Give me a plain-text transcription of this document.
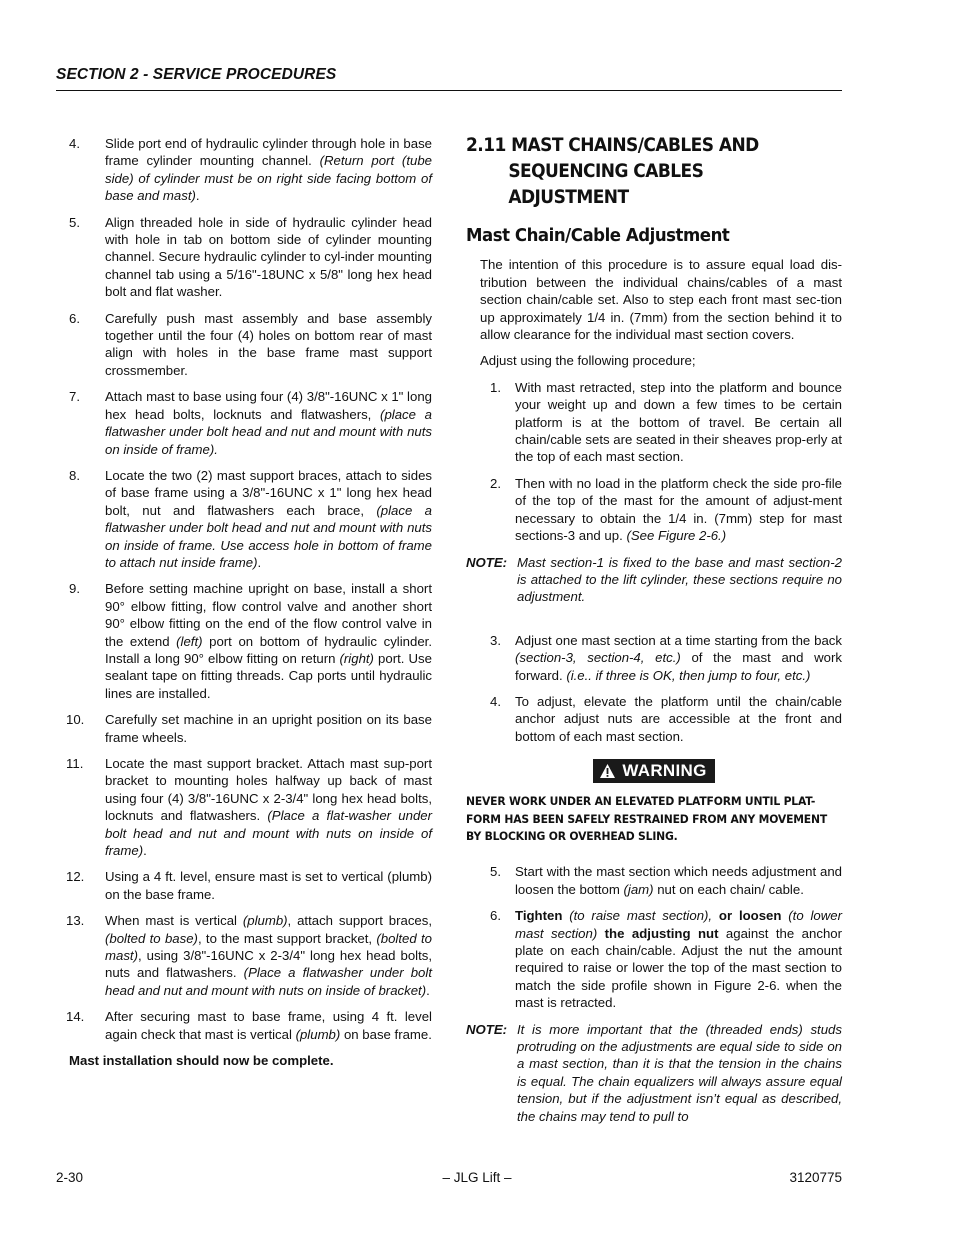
SECTION 2 - SERVICE PROCEDURES
4.	Slide port end of hydraulic cylinder through hole in base frame cylinder mounting channel. (Return port (tube side) of cylinder must be on right side facing bottom of base and mast).
5.	Align threaded hole in side of hydraulic cylinder head with hole in tab on bottom side of cylinder mounting channel. Secure hydraulic cylinder to cyl-inder mounting channel tab using a 5/16"-18UNC x 5/8" long hex head bolt and flat washer.
6.	Carefully push mast assembly and base assembly together until the four (4) holes on bottom rear of mast align with holes in the base frame mast support crossmember.
7.	Attach mast to base using four (4) 3/8"-16UNC x 1" long hex head bolts, locknuts and flatwashers, (place a flatwasher under bolt head and nut and mount with nuts on inside of frame).
8.	Locate the two (2) mast support braces, attach to sides of base frame using a 3/8"-16UNC x 1" long hex head bolt, nut and flatwashers each brace, (place a flatwasher under bolt head and nut and mount with nuts on inside of frame. Use access hole in bottom of frame to attach nut inside frame).
9.	Before setting machine upright on base, install a short 90° elbow fitting, flow control valve and another short 90° elbow fitting on the end of the flow control valve in the extend (left) port on bottom of hydraulic cylinder. Install a long 90° elbow fitting on return (right) port. Use sealant tape on fitting threads. Cap ports until hydraulic lines are installed.
10.	Carefully set machine in an upright position on its base frame wheels.
11.	Locate the mast support bracket. Attach mast sup-port bracket to mounting holes halfway up back of mast using four (4) 3/8"-16UNC x 2-3/4" long hex head bolts, locknuts and flatwashers. (Place a flat-washer under bolt head and nut and mount with nuts on inside of frame).
12.	Using a 4 ft. level, ensure mast is set to vertical (plumb) on the base frame.
13.	When mast is vertical (plumb), attach support braces, (bolted to base), to the mast support bracket, (bolted to mast), using 3/8"-16UNC x 2-3/4" long hex head bolts, nuts and flatwashers. (Place a flatwasher under bolt head and nut and mount with nuts on inside of bracket).
14.	After securing mast to base frame, using 4 ft. level again check that mast is vertical (plumb) on base frame.
Mast installation should now be complete.
2.11 MAST CHAINS/CABLES AND
SEQUENCING CABLES ADJUSTMENT
Mast Chain/Cable Adjustment
The intention of this procedure is to assure equal load dis-tribution between the individual chains/cables of a mast section chain/cable set. Also to step each front mast sec-tion up approximately 1/4 in. (7mm) from the section behind it to allow clearance for the individual mast section covers.
Adjust using the following procedure;
1.	With mast retracted, step into the platform and bounce your weight up and down a few times to be certain platform is at the bottom of travel. Be certain all chain/cable sets are seated in their sheaves prop-erly at the top of each mast section.
2.	Then with no load in the platform check the side pro-file of the top of the mast for the amount of adjust-ment necessary to obtain the 1/4 in. (7mm) step for mast sections-3 and up. (See Figure 2-6.)
NOTE: Mast section-1 is fixed to the base and mast section-2 is attached to the lift cylinder, these sections require no adjustment.
3.	Adjust one mast section at a time starting from the back (section-3, section-4, etc.) of the mast and work forward. (i.e.. if three is OK, then jump to four, etc.)
4.	To adjust, elevate the platform until the chain/cable anchor adjust nuts are accessible at the front and bottom of each mast section.
WARNING
NEVER WORK UNDER AN ELEVATED PLATFORM UNTIL PLAT-FORM HAS BEEN SAFELY RESTRAINED FROM ANY MOVEMENT BY BLOCKING OR OVERHEAD SLING.
5.	Start with the mast section which needs adjustment and loosen the bottom (jam) nut on each chain/ cable.
6.	Tighten (to raise mast section), or loosen (to lower mast section) the adjusting nut against the anchor plate on each chain/cable. Adjust the nut the amount required to raise or lower the top of the mast section to match the side profile shown in Figure 2-6. when the mast is retracted.
NOTE: It is more important that the (threaded ends) studs protruding on the adjustments are equal side to side on a mast section, than it is that the tension in the chains is equal. The chain equalizers will always assure equal tension, but if the adjustment isn’t equal as described, the chains may tend to pull to
2-30	– JLG Lift –	3120775
